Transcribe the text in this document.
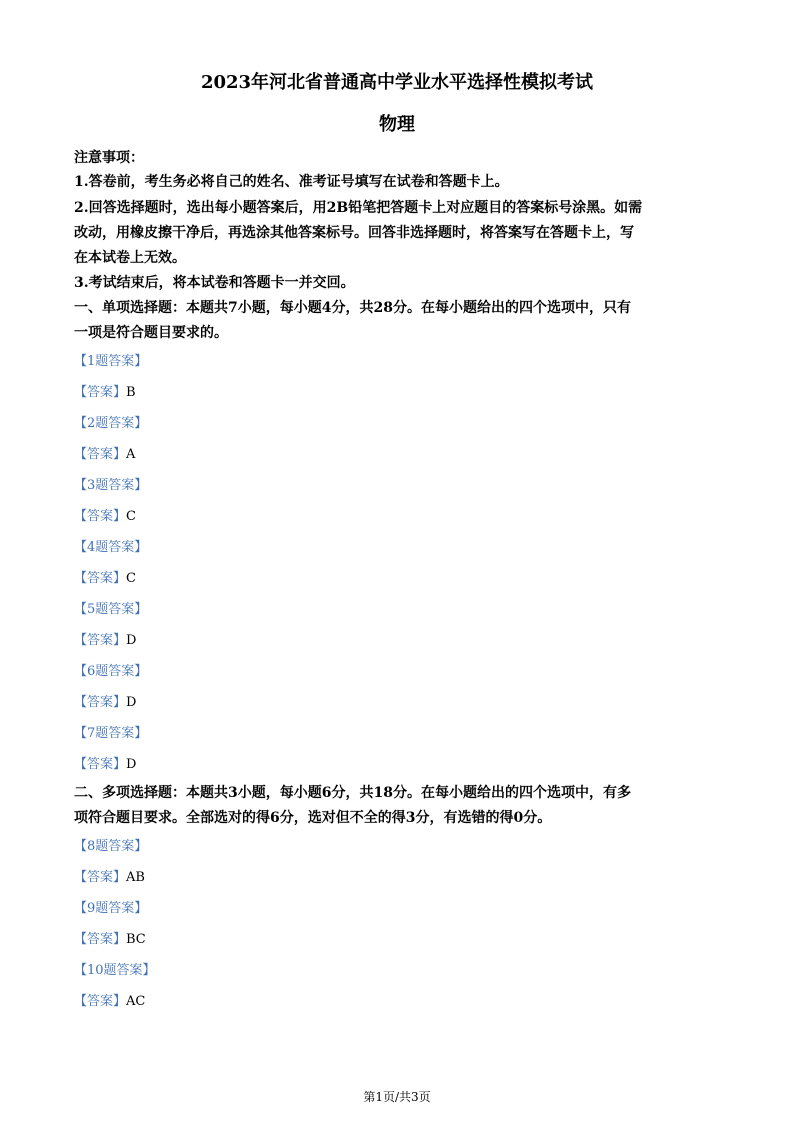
2023年河北省普通高中学业水平选择性模拟考试
物理

注意事项：

1.答卷前，考生务必将自己的姓名、准考证号填写在试卷和答题卡上。

2.回答选择题时，选出每小题答案后，用2B铅笔把答题卡上对应题目的答案标号涂黑。如需

改动，用橡皮擦干净后，再选涂其他答案标号。回答非选择题时，将答案写在答题卡上，写

在本试卷上无效。

3.考试结束后，将本试卷和答题卡一并交回。

一、单项选择题：本题共7小题，每小题4分，共28分。在每小题给出的四个选项中，只有

一项是符合题目要求的。

【1题答案】

【答案】B

【2题答案】

【答案】A

【3题答案】

【答案】C

【4题答案】

【答案】C

【5题答案】

【答案】D

【6题答案】

【答案】D

【7题答案】

【答案】D

二、多项选择题：本题共3小题，每小题6分，共18分。在每小题给出的四个选项中，有多

项符合题目要求。全部选对的得6分，选对但不全的得3分，有选错的得0分。

【8题答案】

【答案】AB

【9题答案】

【答案】BC

【10题答案】

【答案】AC

第1页/共3页
